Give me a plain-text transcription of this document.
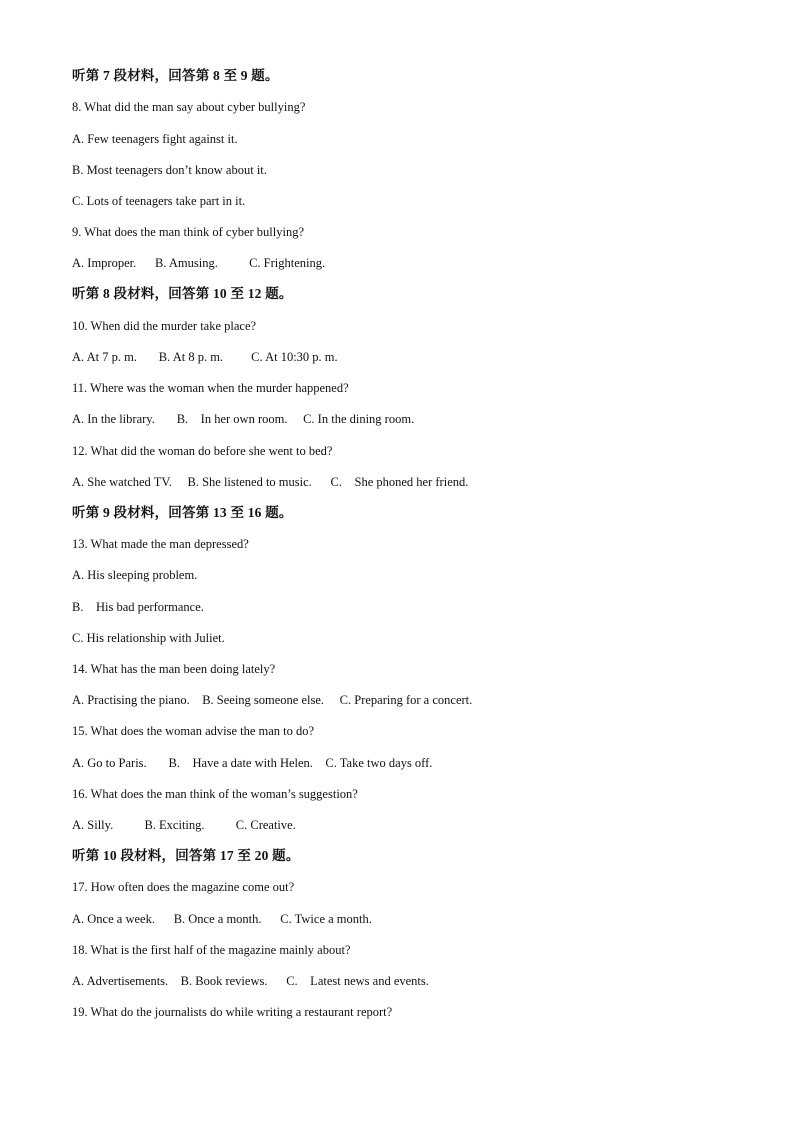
听第 7 段材料，回答第 8 至 9 题。
8. What did the man say about cyber bullying?
A. Few teenagers fight against it.
B. Most teenagers don’t know about it.
C. Lots of teenagers take part in it.
9. What does the man think of cyber bullying?
A. Improper.      B. Amusing.          C. Frightening.
听第 8 段材料，回答第 10 至 12 题。
10. When did the murder take place?
A. At 7 p. m.       B. At 8 p. m.         C. At 10:30 p. m.
11. Where was the woman when the murder happened?
A. In the library.       B.    In her own room.     C. In the dining room.
12. What did the woman do before she went to bed?
A. She watched TV.     B. She listened to music.      C.    She phoned her friend.
听第 9 段材料，回答第 13 至 16 题。
13. What made the man depressed?
A. His sleeping problem.
B.    His bad performance.
C. His relationship with Juliet.
14. What has the man been doing lately?
A. Practising the piano.    B. Seeing someone else.     C. Preparing for a concert.
15. What does the woman advise the man to do?
A. Go to Paris.       B.    Have a date with Helen.    C. Take two days off.
16. What does the man think of the woman’s suggestion?
A. Silly.          B. Exciting.          C. Creative.
听第 10 段材料，回答第 17 至 20 题。
17. How often does the magazine come out?
A. Once a week.      B. Once a month.      C. Twice a month.
18. What is the first half of the magazine mainly about?
A. Advertisements.    B. Book reviews.      C.    Latest news and events.
19. What do the journalists do while writing a restaurant report?
